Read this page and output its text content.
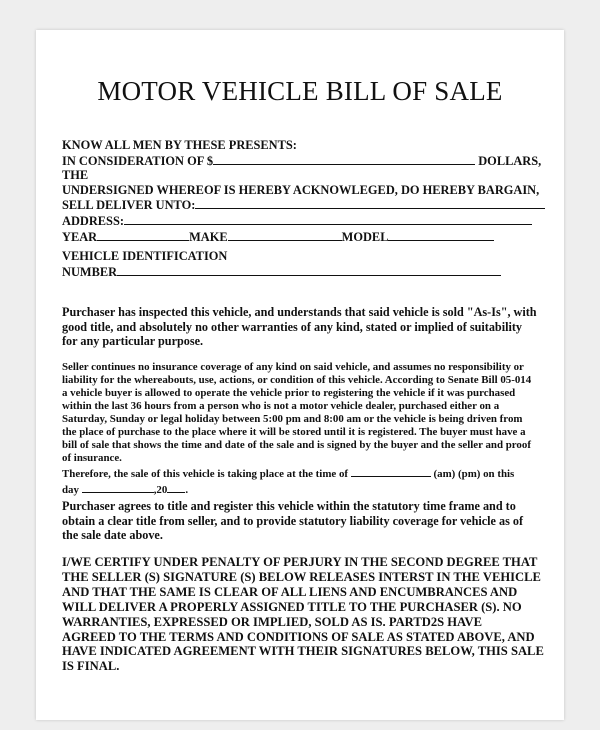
MOTOR VEHICLE BILL OF SALE
KNOW ALL MEN BY THESE PRESENTS:
IN CONSIDERATION OF $	DOLLARS,
THE
UNDERSIGNED WHEREOF IS HEREBY ACKNOWLEGED, DO HEREBY BARGAIN,
SELL DELIVER UNTO:
ADDRESS:
YEAR	MAKE	MODEL
VEHICLE IDENTIFICATION
NUMBER
Purchaser has inspected this vehicle, and understands that said vehicle is sold "As-Is", with
good title, and absolutely no other warranties of any kind, stated or implied of suitability
for any particular purpose.
Seller continues no insurance coverage of any kind on said vehicle, and assumes no responsibility or
liability for the whereabouts, use, actions, or condition of this vehicle. According to Senate Bill 05-014
a vehicle buyer is allowed to operate the vehicle prior to registering the vehicle if it was purchased
within the last 36 hours from a person who is not a motor vehicle dealer, purchased either on a
Saturday, Sunday or legal holiday between 5:00 pm and 8:00 am or the vehicle is being driven from
the place of purchase to the place where it will be stored until it is registered. The buyer must have a
bill of sale that shows the time and date of the sale and is signed by the buyer and the seller and proof
of insurance.
Therefore, the sale of this vehicle is taking place at the time of	(am) (pm) on this
day	,20 .
Purchaser agrees to title and register this vehicle within the statutory time frame and to
obtain a clear title from seller, and to provide statutory liability coverage for vehicle as of
the sale date above.
I/WE CERTIFY UNDER PENALTY OF PERJURY IN THE SECOND DEGREE THAT
THE SELLER (S) SIGNATURE (S) BELOW RELEASES INTERST IN THE VEHICLE
AND THAT THE SAME IS CLEAR OF ALL LIENS AND ENCUMBRANCES AND
WILL DELIVER A PROPERLY ASSIGNED TITLE TO THE PURCHASER (S). NO
WARRANTIES, EXPRESSED OR IMPLIED, SOLD AS IS. PARTD2S HAVE
AGREED TO THE TERMS AND CONDITIONS OF SALE AS STATED ABOVE, AND
HAVE INDICATED AGREEMENT WITH THEIR SIGNATURES BELOW, THIS SALE
IS FINAL.
